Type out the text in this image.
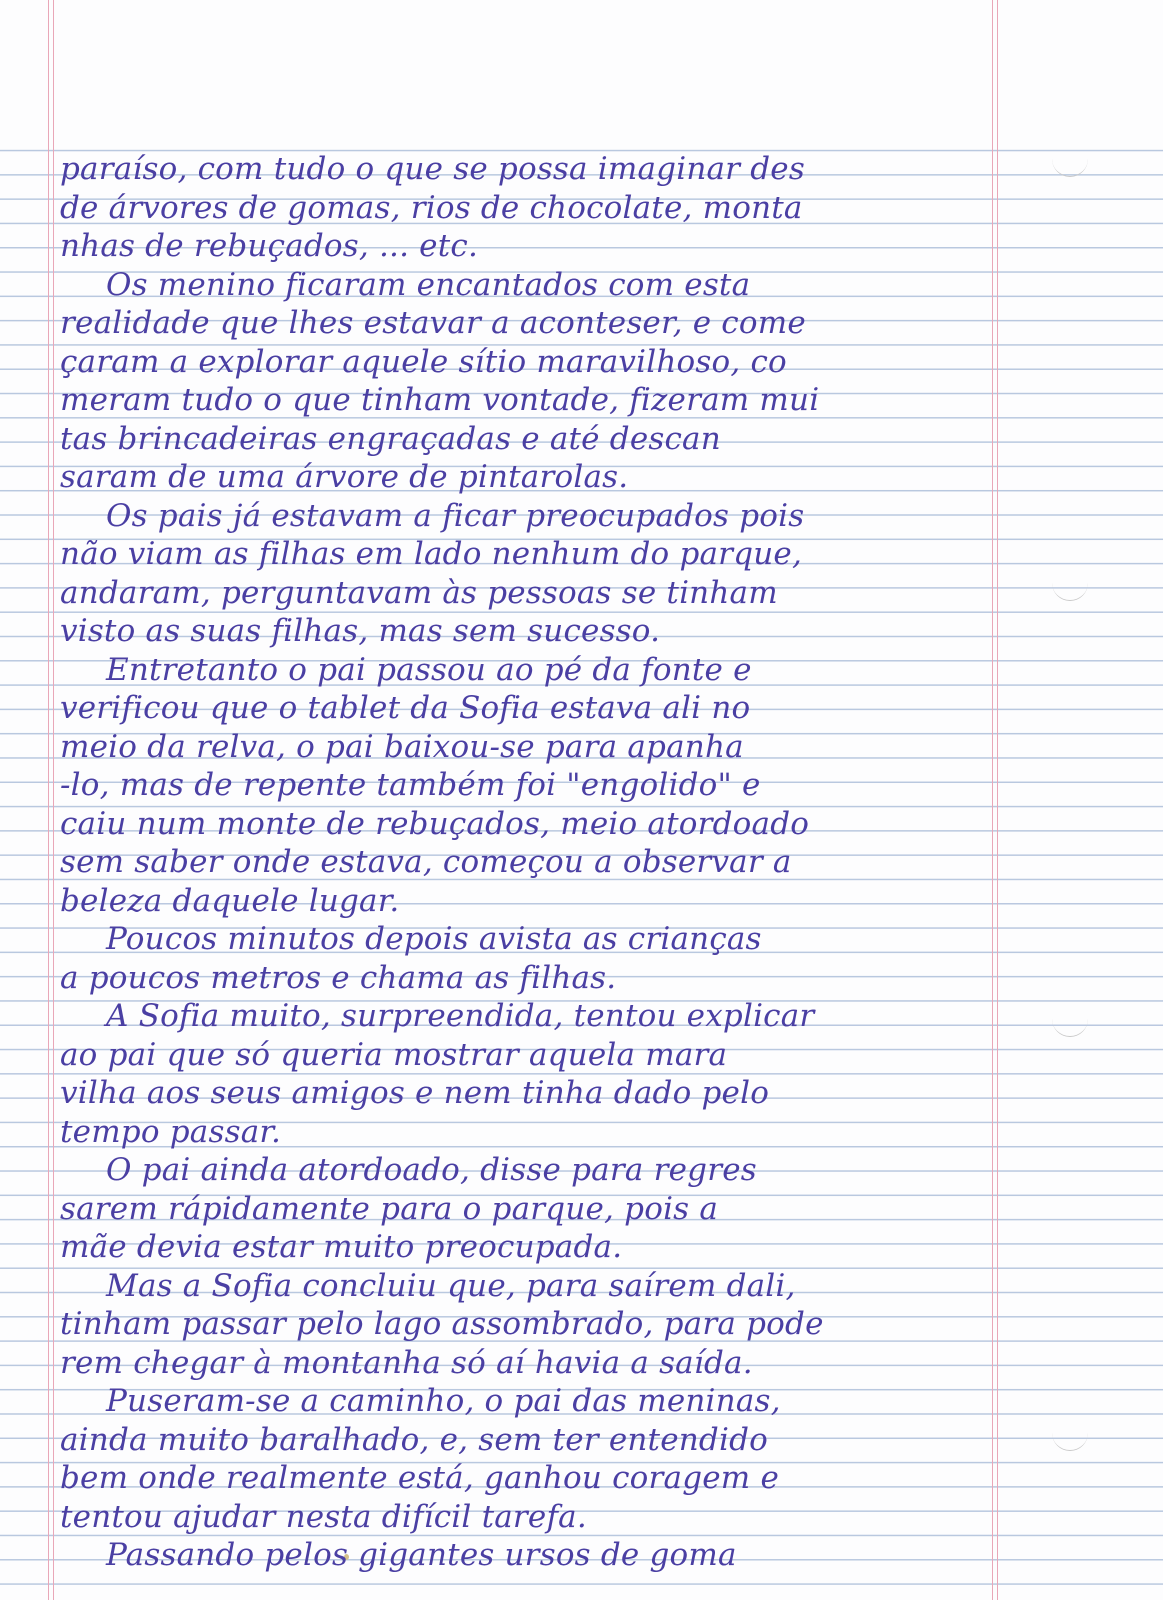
paraíso, com tudo o que se possa imaginar des
de árvores de gomas, rios de chocolate, monta
nhas de rebuçados, ... etc.
Os menino ficaram encantados com esta
realidade que lhes estavar a aconteser, e come
çaram a explorar aquele sítio maravilhoso, co
meram tudo o que tinham vontade, fizeram mui
tas brincadeiras engraçadas e até descan
saram de uma árvore de pintarolas.
Os pais já estavam a ficar preocupados pois
não viam as filhas em lado nenhum do parque,
andaram, perguntavam às pessoas se tinham
visto as suas filhas, mas sem sucesso.
Entretanto o pai passou ao pé da fonte e
verificou que o tablet da Sofia estava ali no
meio da relva, o pai baixou-se para apanha
-lo, mas de repente também foi "engolido" e
caiu num monte de rebuçados, meio atordoado
sem saber onde estava, começou a observar a
beleza daquele lugar.
Poucos minutos depois avista as crianças
a poucos metros e chama as filhas.
A Sofia muito, surpreendida, tentou explicar
ao pai que só queria mostrar aquela mara
vilha aos seus amigos e nem tinha dado pelo
tempo passar.
O pai ainda atordoado, disse para regres
sarem rápidamente para o parque, pois a
mãe devia estar muito preocupada.
Mas a Sofia concluiu que, para saírem dali,
tinham passar pelo lago assombrado, para pode
rem chegar à montanha só aí havia a saída.
Puseram-se a caminho, o pai das meninas,
ainda muito baralhado, e, sem ter entendido
bem onde realmente está, ganhou coragem e
tentou ajudar nesta difícil tarefa.
Passando pelos gigantes ursos de goma
